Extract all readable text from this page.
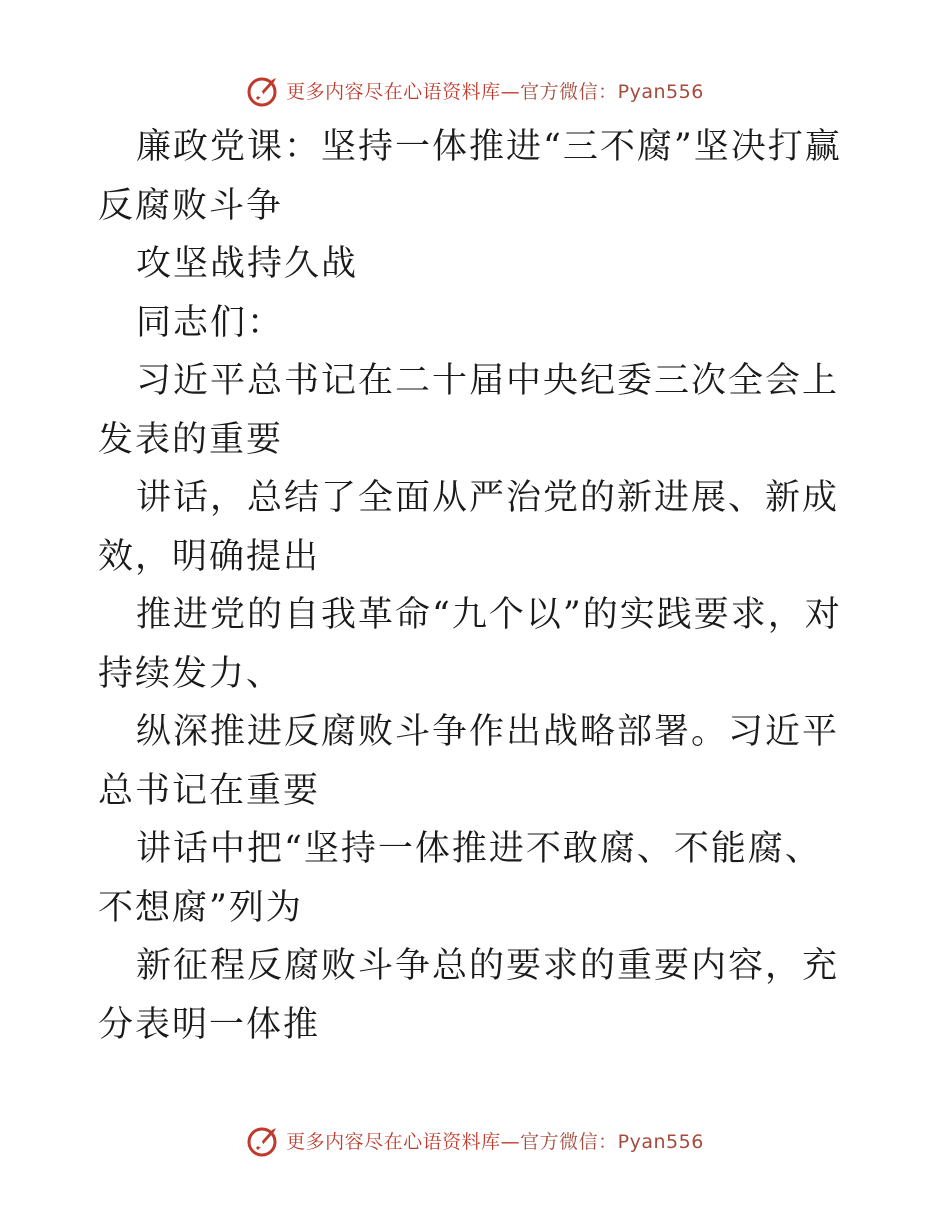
更多内容尽在心语资料库—官方微信：Pyan556

廉政党课：坚持一体推进“三不腐”坚决打赢反腐败斗争

攻坚战持久战

同志们：

习近平总书记在二十届中央纪委三次全会上发表的重要

讲话，总结了全面从严治党的新进展、新成效，明确提出

推进党的自我革命“九个以”的实践要求，对持续发力、

纵深推进反腐败斗争作出战略部署。习近平总书记在重要

讲话中把“坚持一体推进不敢腐、不能腐、不想腐”列为

新征程反腐败斗争总的要求的重要内容，充分表明一体推

更多内容尽在心语资料库—官方微信：Pyan556
